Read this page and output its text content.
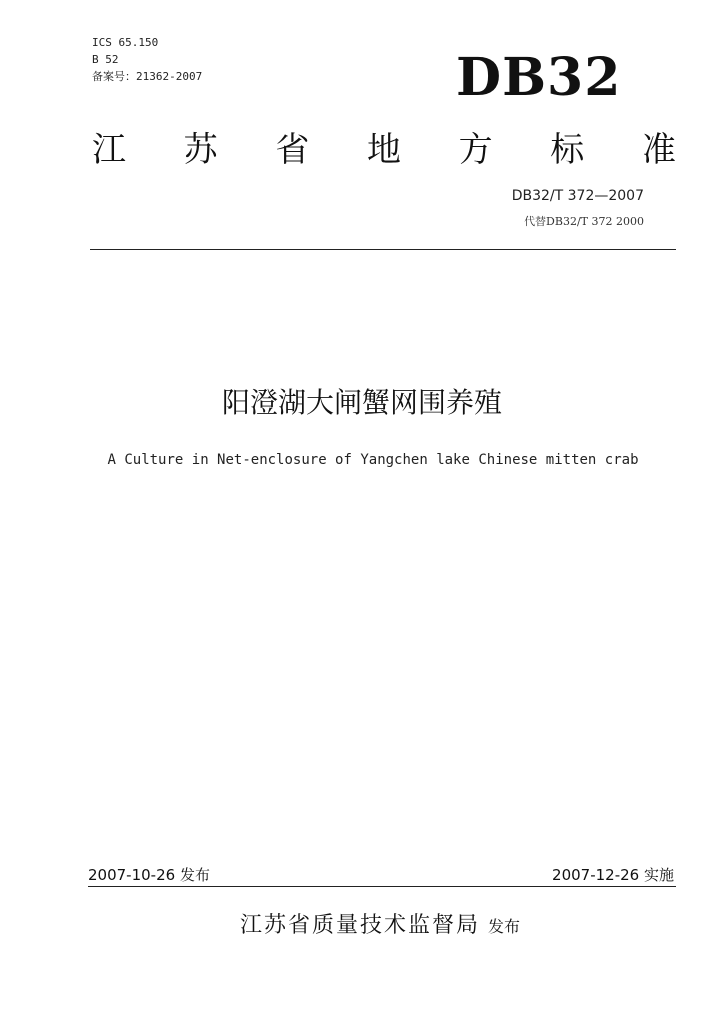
ICS 65.150
B 52
备案号：21362-2007	DB32
江 苏 省 地 方 标 准
DB32/T 372—2007
代替DB32/T 372 2000
阳澄湖大闸蟹网围养殖
A Culture in Net-enclosure of Yangchen lake Chinese mitten crab
2007-10-26 发布	2007-12-26 实施
江苏省质量技术监督局 发布
